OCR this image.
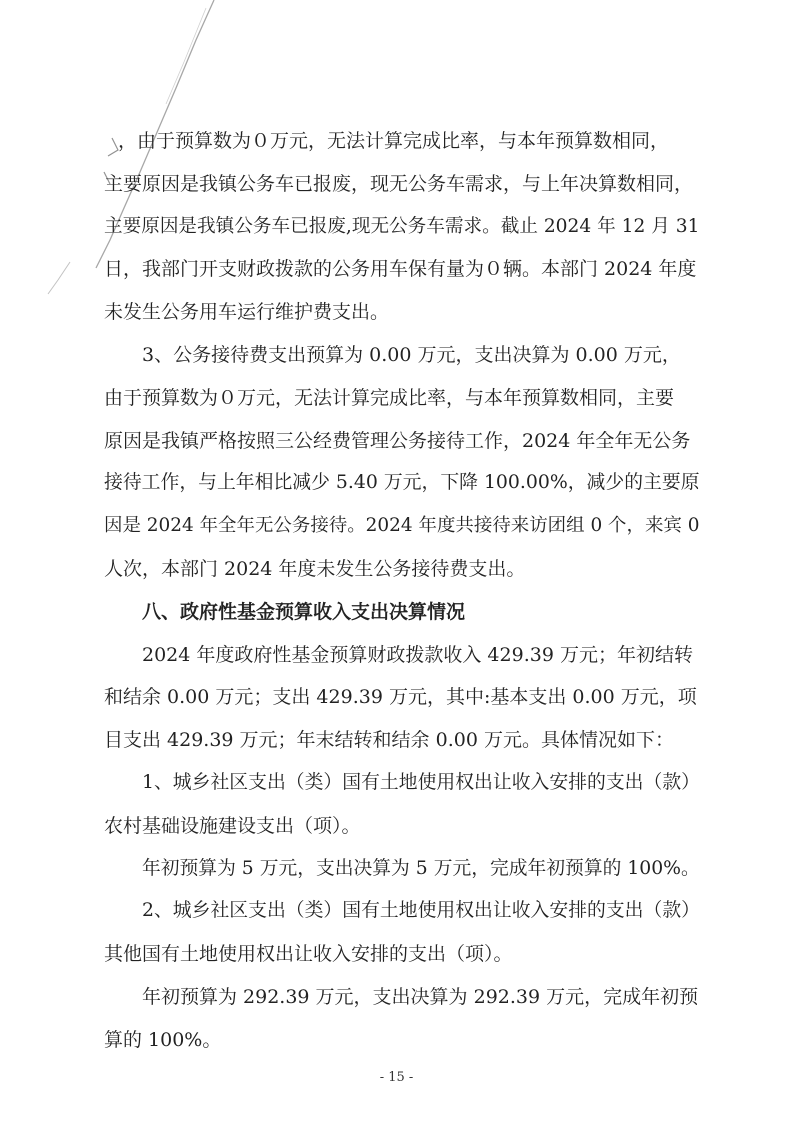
，由于预算数为０万元，无法计算完成比率，与本年预算数相同，
主要原因是我镇公务车已报废，现无公务车需求，与上年决算数相同，
主要原因是我镇公务车已报废,现无公务车需求。截止 2024 年 12 月 31
日，我部门开支财政拨款的公务用车保有量为０辆。本部门 2024 年度
未发生公务用车运行维护费支出。
3、公务接待费支出预算为 0.00 万元，支出决算为 0.00 万元，
由于预算数为０万元，无法计算完成比率，与本年预算数相同，主要
原因是我镇严格按照三公经费管理公务接待工作，2024 年全年无公务
接待工作，与上年相比减少 5.40 万元，下降 100.00%，减少的主要原
因是 2024 年全年无公务接待。2024 年度共接待来访团组 0 个，来宾 0
人次，本部门 2024 年度未发生公务接待费支出。
八、政府性基金预算收入支出决算情况
2024 年度政府性基金预算财政拨款收入 429.39 万元；年初结转
和结余 0.00 万元；支出 429.39 万元，其中:基本支出 0.00 万元，项
目支出 429.39 万元；年末结转和结余 0.00 万元。具体情况如下：
1、城乡社区支出（类）国有土地使用权出让收入安排的支出（款）
农村基础设施建设支出（项）。
年初预算为 5 万元，支出决算为 5 万元，完成年初预算的 100%。
2、城乡社区支出（类）国有土地使用权出让收入安排的支出（款）
其他国有土地使用权出让收入安排的支出（项）。
年初预算为 292.39 万元，支出决算为 292.39 万元，完成年初预
算的 100%。
- 15 -
